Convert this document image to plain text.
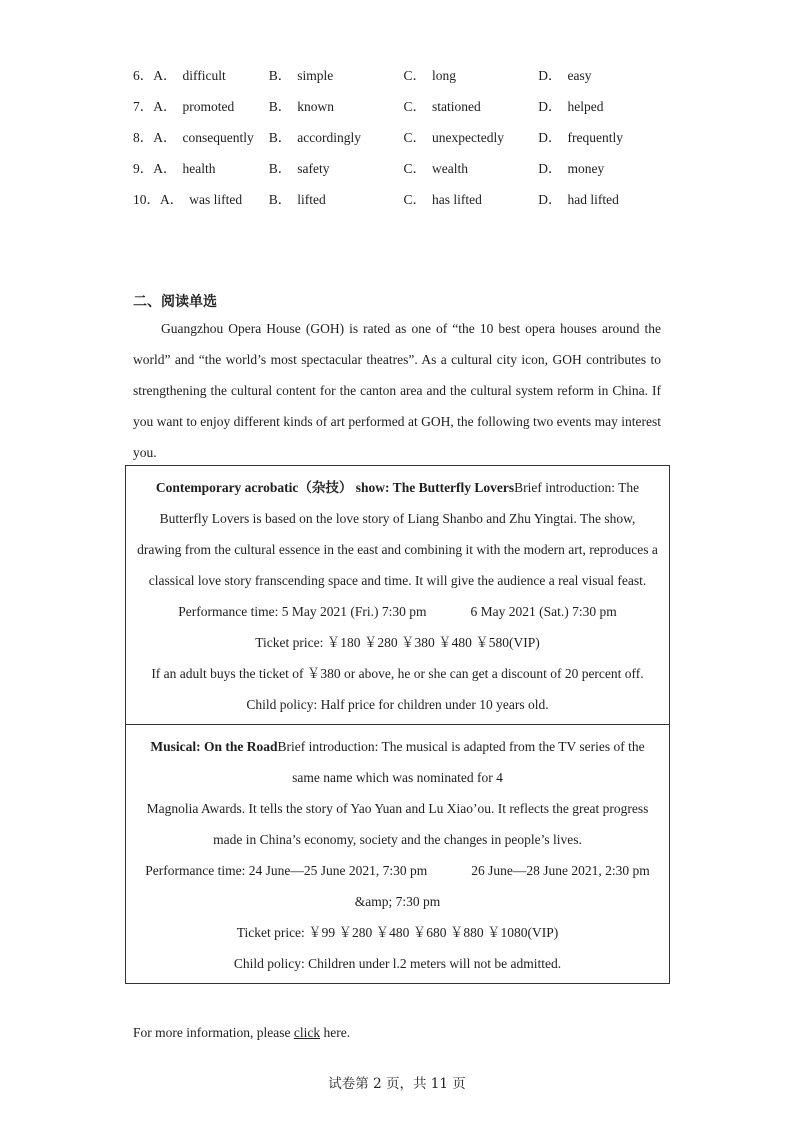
6．A． difficult	B． simple	C． long	D． easy
7．A． promoted	B． known	C． stationed	D． helped
8．A． consequently	B． accordingly	C． unexpectedly	D． frequently
9．A． health	B． safety	C． wealth	D． money
10．A． was lifted	B． lifted	C． has lifted	D． had lifted
二、阅读单选
Guangzhou Opera House (GOH) is rated as one of “the 10 best opera houses around the world” and “the world’s most spectacular theatres”. As a cultural city icon, GOH contributes to strengthening the cultural content for the canton area and the cultural system reform in China. If you want to enjoy different kinds of art performed at GOH, the following two events may interest you.
Contemporary acrobatic（杂技） show: The Butterfly LoversBrief introduction: The Butterfly Lovers is based on the love story of Liang Shanbo and Zhu Yingtai. The show, drawing from the cultural essence in the east and combining it with the modern art, reproduces a classical love story franscending space and time. It will give the audience a real visual feast.
Performance time: 5 May 2021 (Fri.) 7:30 pm	6 May 2021 (Sat.) 7:30 pm
Ticket price: ￥180 ￥280 ￥380 ￥480 ￥580(VIP)
If an adult buys the ticket of ￥380 or above, he or she can get a discount of 20 percent off.
Child policy: Half price for children under 10 years old.

Musical: On the RoadBrief introduction: The musical is adapted from the TV series of the same name which was nominated for 4
Magnolia Awards. It tells the story of Yao Yuan and Lu Xiao’ou. It reflects the great progress made in China’s economy, society and the changes in people’s lives.
Performance time: 24 June—25 June 2021, 7:30 pm	26 June—28 June 2021, 2:30 pm &amp; 7:30 pm
Ticket price: ￥99 ￥280 ￥480 ￥680 ￥880 ￥1080(VIP)
Child policy: Children under l.2 meters will not be admitted.
For more information, please click here.
试卷第 2 页，共 11 页
